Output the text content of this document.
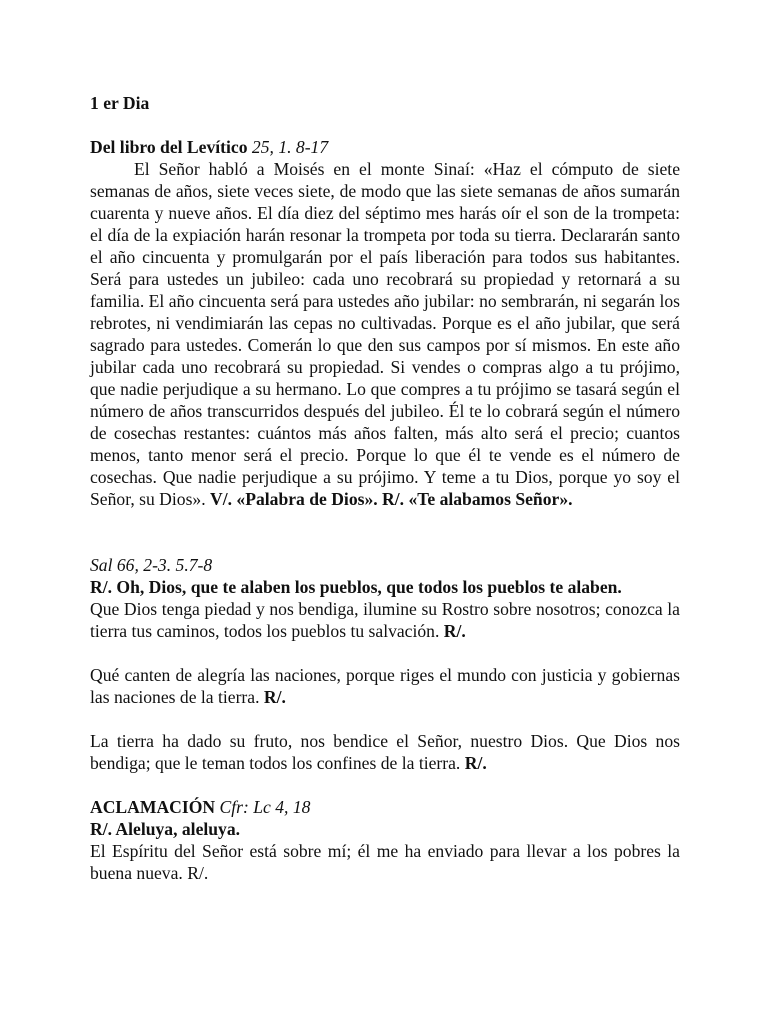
1 er Dia

Del libro del Levítico 25, 1. 8-17

El Señor habló a Moisés en el monte Sinaí: «Haz el cómputo de siete semanas de años, siete veces siete, de modo que las siete semanas de años sumarán cuarenta y nueve años. El día diez del séptimo mes harás oír el son de la trompeta: el día de la expiación harán resonar la trompeta por toda su tierra. Declararán santo el año cincuenta y promulgarán por el país liberación para todos sus habitantes. Será para ustedes un jubileo: cada uno recobrará su propiedad y retornará a su familia. El año cincuenta será para ustedes año jubilar: no sembrarán, ni segarán los rebrotes, ni vendimiarán las cepas no cultivadas. Porque es el año jubilar, que será sagrado para ustedes. Comerán lo que den sus campos por sí mismos. En este año jubilar cada uno recobrará su propiedad. Si vendes o compras algo a tu prójimo, que nadie perjudique a su hermano. Lo que compres a tu prójimo se tasará según el número de años transcurridos después del jubileo. Él te lo cobrará según el número de cosechas restantes: cuántos más años falten, más alto será el precio; cuantos menos, tanto menor será el precio. Porque lo que él te vende es el número de cosechas. Que nadie perjudique a su prójimo. Y teme a tu Dios, porque yo soy el Señor, su Dios». V/. «Palabra de Dios». R/. «Te alabamos Señor».

Sal 66, 2-3. 5.7-8

R/. Oh, Dios, que te alaben los pueblos, que todos los pueblos te alaben.

Que Dios tenga piedad y nos bendiga, ilumine su Rostro sobre nosotros; conozca la tierra tus caminos, todos los pueblos tu salvación. R/.

Qué canten de alegría las naciones, porque riges el mundo con justicia y gobiernas las naciones de la tierra. R/.

La tierra ha dado su fruto, nos bendice el Señor, nuestro Dios. Que Dios nos bendiga; que le teman todos los confines de la tierra. R/.

ACLAMACIÓN Cfr: Lc 4, 18

R/. Aleluya, aleluya.

El Espíritu del Señor está sobre mí; él me ha enviado para llevar a los pobres la buena nueva. R/.
